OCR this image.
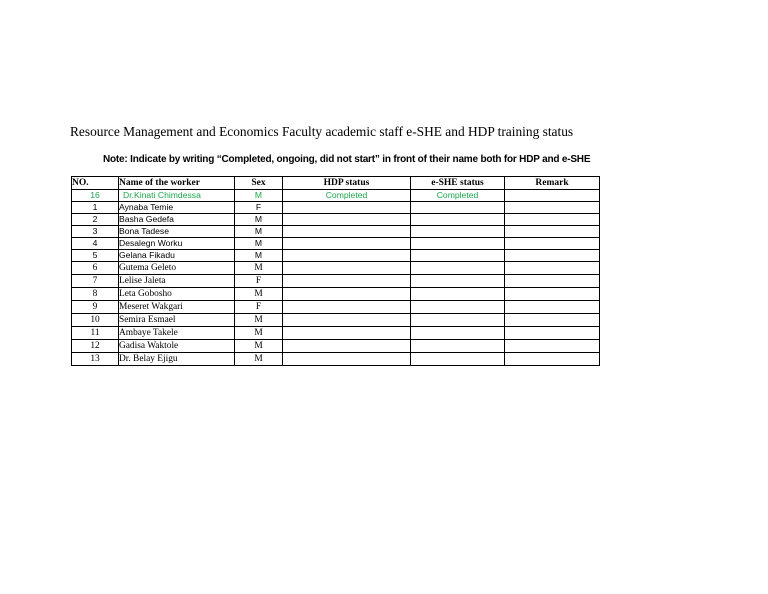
Resource Management and Economics Faculty academic staff e-SHE and HDP training status
Note: Indicate by writing “Completed, ongoing, did not start” in front of their name both for HDP and e-SHE
NO.	Name of the worker	Sex	HDP status	e-SHE status	Remark
16	Dr.Kinati Chimdessa	M	Completed	Completed	
1	Aynaba Temie	F			
2	Basha Gedefa	M			
3	Bona Tadese	M			
4	Desalegn Worku	M			
5	Gelana Fikadu	M			
6	Gutema Geleto	M			
7	Lelise Jaleta	F			
8	Leta Gobosho	M			
9	Meseret Wakgari	F			
10	Semira Esmael	M			
11	Ambaye Takele	M			
12	Gadisa Waktole	M			
13	Dr. Belay Ejigu	M			
